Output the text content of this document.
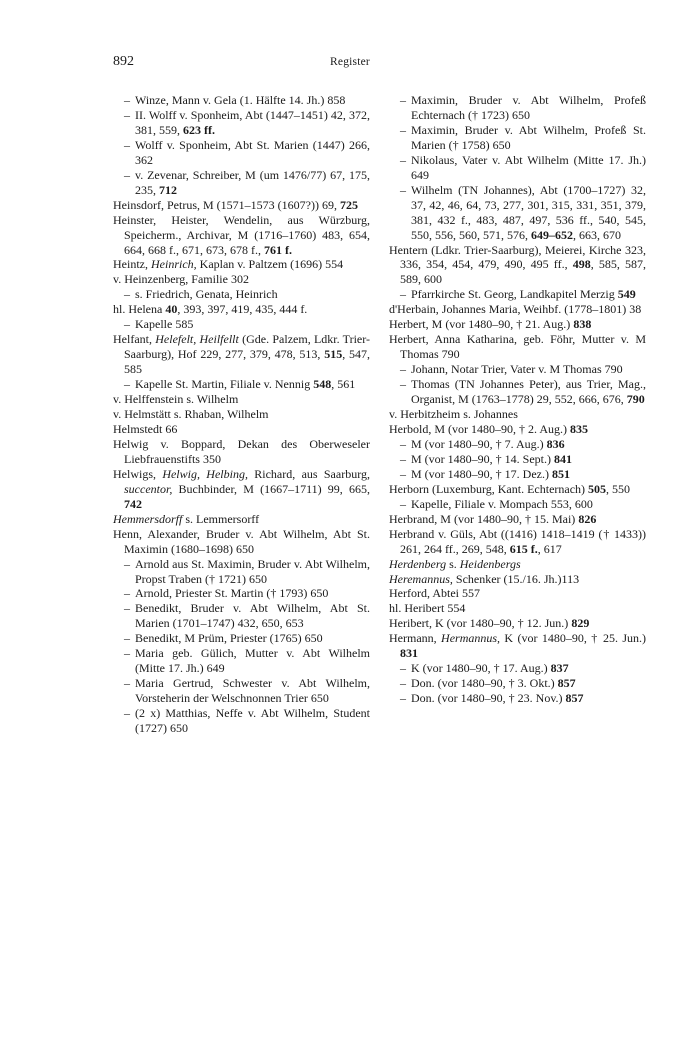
892	Register

– Winze, Mann v. Gela (1. Hälfte 14. Jh.) 858

– II. Wolff v. Sponheim, Abt (1447–1451) 42, 372, 381, 559, 623 ff.

– Wolff v. Sponheim, Abt St. Marien (1447) 266, 362

– v. Zevenar, Schreiber, M (um 1476/77) 67, 175, 235, 712

Heinsdorf, Petrus, M (1571–1573 (1607?)) 69, 725

Heinster, Heister, Wendelin, aus Würzburg, Speicherm., Archivar, M (1716–1760) 483, 654, 664, 668 f., 671, 673, 678 f., 761 f.

Heintz, Heinrich, Kaplan v. Paltzem (1696) 554

v. Heinzenberg, Familie 302

– s. Friedrich, Genata, Heinrich

hl. Helena 40, 393, 397, 419, 435, 444 f.

– Kapelle 585

Helfant, Helefelt, Heilfellt (Gde. Palzem, Ldkr. Trier-Saarburg), Hof 229, 277, 379, 478, 513, 515, 547, 585

– Kapelle St. Martin, Filiale v. Nennig 548, 561

v. Helffenstein s. Wilhelm

v. Helmstätt s. Rhaban, Wilhelm

Helmstedt 66

Helwig v. Boppard, Dekan des Oberweseler Liebfrauenstifts 350

Helwigs, Helwig, Helbing, Richard, aus Saarburg, succentor, Buchbinder, M (1667–1711) 99, 665, 742

Hemmersdorff s. Lemmersorff

Henn, Alexander, Bruder v. Abt Wilhelm, Abt St. Maximin (1680–1698) 650

– Arnold aus St. Maximin, Bruder v. Abt Wilhelm, Propst Traben († 1721) 650

– Arnold, Priester St. Martin († 1793) 650

– Benedikt, Bruder v. Abt Wilhelm, Abt St. Marien (1701–1747) 432, 650, 653

– Benedikt, M Prüm, Priester (1765) 650

– Maria geb. Gülich, Mutter v. Abt Wilhelm (Mitte 17. Jh.) 649

– Maria Gertrud, Schwester v. Abt Wilhelm, Vorsteherin der Welschnonnen Trier 650

– (2 x) Matthias, Neffe v. Abt Wilhelm, Student (1727) 650

– Maximin, Bruder v. Abt Wilhelm, Profeß Echternach († 1723) 650

– Maximin, Bruder v. Abt Wilhelm, Profeß St. Marien († 1758) 650

– Nikolaus, Vater v. Abt Wilhelm (Mitte 17. Jh.) 649

– Wilhelm (TN Johannes), Abt (1700–1727) 32, 37, 42, 46, 64, 73, 277, 301, 315, 331, 351, 379, 381, 432 f., 483, 487, 497, 536 ff., 540, 545, 550, 556, 560, 571, 576, 649–652, 663, 670

Hentern (Ldkr. Trier-Saarburg), Meierei, Kirche 323, 336, 354, 454, 479, 490, 495 ff., 498, 585, 587, 589, 600

– Pfarrkirche St. Georg, Landkapitel Merzig 549

d'Herbain, Johannes Maria, Weihbf. (1778–1801) 38

Herbert, M (vor 1480–90, † 21. Aug.) 838

Herbert, Anna Katharina, geb. Föhr, Mutter v. M Thomas 790

– Johann, Notar Trier, Vater v. M Thomas 790

– Thomas (TN Johannes Peter), aus Trier, Mag., Organist, M (1763–1778) 29, 552, 666, 676, 790

v. Herbitzheim s. Johannes

Herbold, M (vor 1480–90, † 2. Aug.) 835

– M (vor 1480–90, † 7. Aug.) 836

– M (vor 1480–90, † 14. Sept.) 841

– M (vor 1480–90, † 17. Dez.) 851

Herborn (Luxemburg, Kant. Echternach) 505, 550

– Kapelle, Filiale v. Mompach 553, 600

Herbrand, M (vor 1480–90, † 15. Mai) 826

Herbrand v. Güls, Abt ((1416) 1418–1419 († 1433)) 261, 264 ff., 269, 548, 615 f., 617

Herdenberg s. Heidenbergs

Heremannus, Schenker (15./16. Jh.)113

Herford, Abtei 557

hl. Heribert 554

Heribert, K (vor 1480–90, † 12. Jun.) 829

Hermann, Hermannus, K (vor 1480–90, † 25. Jun.) 831

– K (vor 1480–90, † 17. Aug.) 837

– Don. (vor 1480–90, † 3. Okt.) 857

– Don. (vor 1480–90, † 23. Nov.) 857
